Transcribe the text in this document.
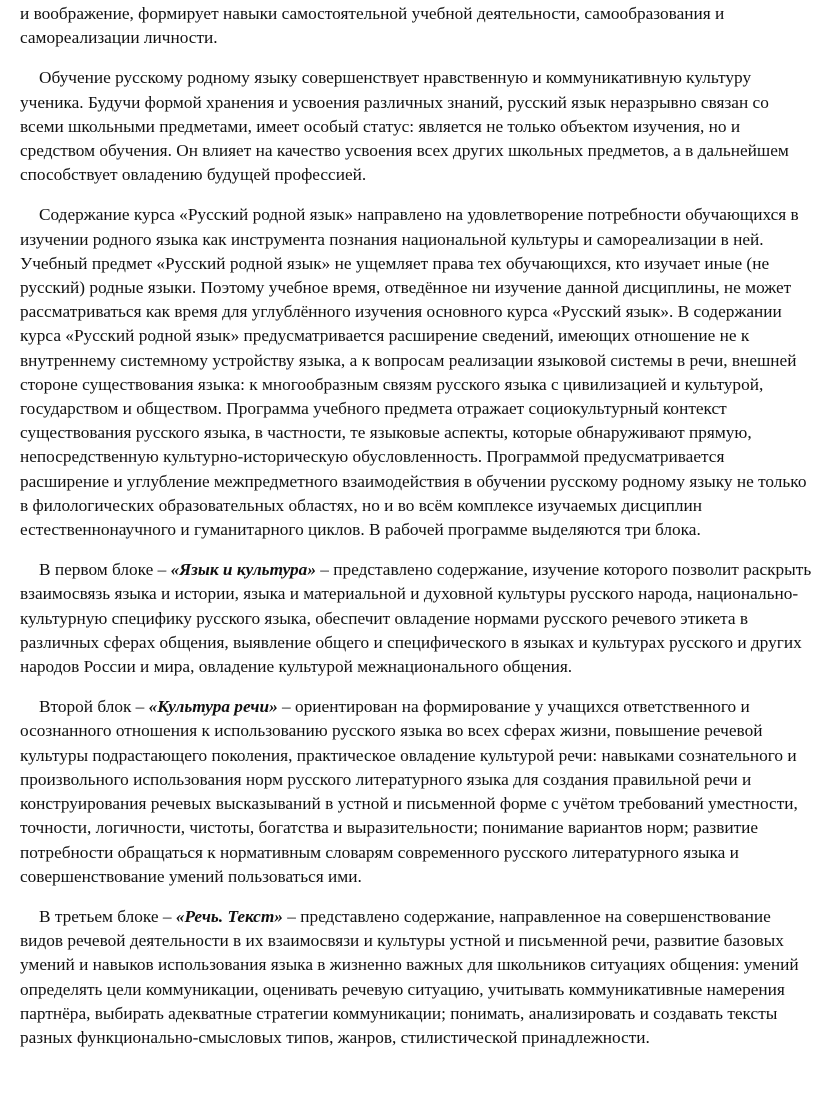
и воображение, формирует навыки самостоятельной учебной деятельности, самообразования и самореализации личности.

Обучение русскому родному языку совершенствует нравственную и коммуникативную культуру ученика. Будучи формой хранения и усвоения различных знаний, русский язык неразрывно связан со всеми школьными предметами, имеет особый статус: является не только объектом изучения, но и средством обучения. Он влияет на качество усвоения всех других школьных предметов, а в дальнейшем способствует овладению будущей профессией.

Содержание курса «Русский родной язык» направлено на удовлетворение потребности обучающихся в изучении родного языка как инструмента познания национальной культуры и самореализации в ней. Учебный предмет «Русский родной язык» не ущемляет права тех обучающихся, кто изучает иные (не русский) родные языки. Поэтому учебное время, отведённое ни изучение данной дисциплины, не может рассматриваться как время для углублённого изучения основного курса «Русский язык». В содержании курса «Русский родной язык» предусматривается расширение сведений, имеющих отношение не к внутреннему системному устройству языка, а к вопросам реализации языковой системы в речи, внешней стороне существования языка: к многообразным связям русского языка с цивилизацией и культурой, государством и обществом. Программа учебного предмета отражает социокультурный контекст существования русского языка, в частности, те языковые аспекты, которые обнаруживают прямую, непосредственную культурно-историческую обусловленность. Программой предусматривается расширение и углубление межпредметного взаимодействия в обучении русскому родному языку не только в филологических образовательных областях, но и во всём комплексе изучаемых дисциплин естественнонаучного и гуманитарного циклов. В рабочей программе выделяются три блока.

В первом блоке – «Язык и культура» – представлено содержание, изучение которого позволит раскрыть взаимосвязь языка и истории, языка и материальной и духовной культуры русского народа, национально-культурную специфику русского языка, обеспечит овладение нормами русского речевого этикета в различных сферах общения, выявление общего и специфического в языках и культурах русского и других народов России и мира, овладение культурой межнационального общения.

Второй блок – «Культура речи» – ориентирован на формирование у учащихся ответственного и осознанного отношения к использованию русского языка во всех сферах жизни, повышение речевой культуры подрастающего поколения, практическое овладение культурой речи: навыками сознательного и произвольного использования норм русского литературного языка для создания правильной речи и конструирования речевых высказываний в устной и письменной форме с учётом требований уместности, точности, логичности, чистоты, богатства и выразительности; понимание вариантов норм; развитие потребности обращаться к нормативным словарям современного русского литературного языка и совершенствование умений пользоваться ими.

В третьем блоке – «Речь. Текст» – представлено содержание, направленное на совершенствование видов речевой деятельности в их взаимосвязи и культуры устной и письменной речи, развитие базовых умений и навыков использования языка в жизненно важных для школьников ситуациях общения: умений определять цели коммуникации, оценивать речевую ситуацию, учитывать коммуникативные намерения партнёра, выбирать адекватные стратегии коммуникации; понимать, анализировать и создавать тексты разных функционально-смысловых типов, жанров, стилистической принадлежности.
